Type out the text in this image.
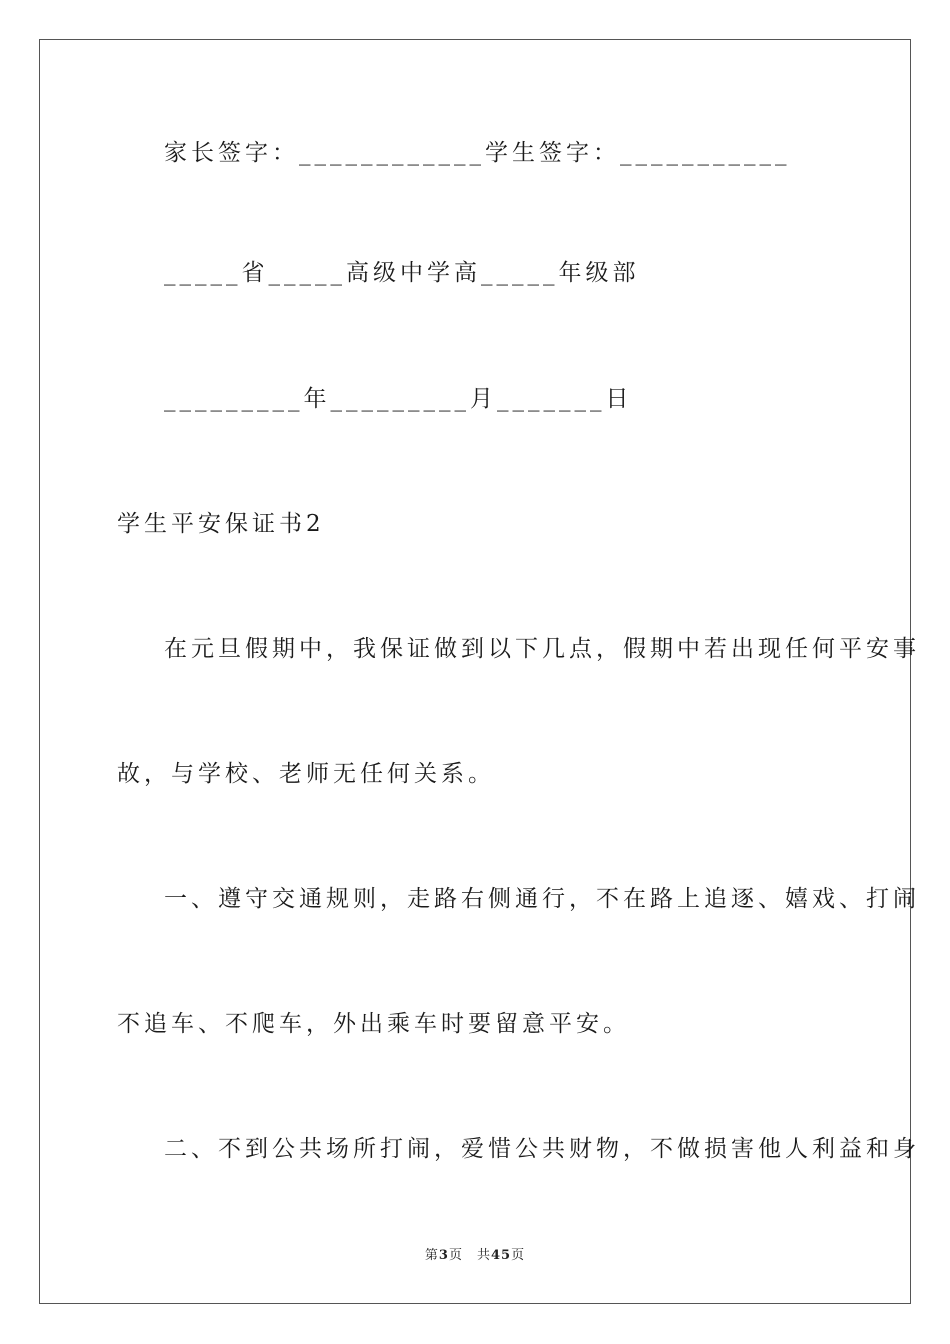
家长签字：____________学生签字：___________
_____省_____高级中学高_____年级部
_________年_________月_______日
学生平安保证书2
在元旦假期中，我保证做到以下几点，假期中若出现任何平安事
故，与学校、老师无任何关系。
一、遵守交通规则，走路右侧通行，不在路上追逐、嬉戏、打闹
不追车、不爬车，外出乘车时要留意平安。
二、不到公共场所打闹，爱惜公共财物，不做损害他人利益和身
第3页 共45页
